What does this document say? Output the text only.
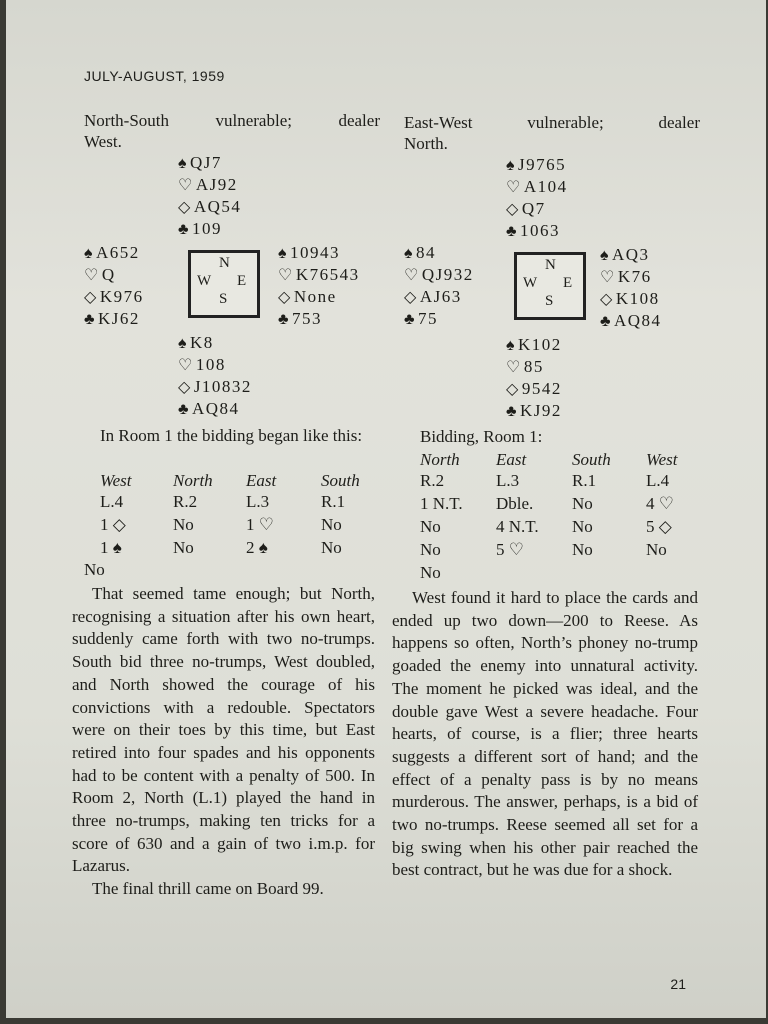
JULY-AUGUST, 1959
North-South vulnerable; dealer
West.
♠ QJ7
♡ AJ92
◇ AQ54
♣ 109
♠ A652
♡ Q
◇ K976
♣ KJ62
N
W E
S
♠ 10943
♡ K76543
◇ None
♣ 753
♠ K8
♡ 108
◇ J10832
♣ AQ84
In Room 1 the bidding began like this:
West	North	East	South
L.4	R.2	L.3	R.1
1 ◇	No	1 ♡	No
1 ♠	No	2 ♠	No
No

That seemed tame enough; but North, recognising a situation after his own heart, suddenly came forth with two no-trumps. South bid three no-trumps, West doubled, and North showed the courage of his convictions with a redouble. Spectators were on their toes by this time, but East retired into four spades and his opponents had to be content with a penalty of 500. In Room 2, North (L.1) played the hand in three no-trumps, making ten tricks for a score of 630 and a gain of two i.m.p. for Lazarus.

The final thrill came on Board 99.

East-West vulnerable; dealer
North.
♠ J9765
♡ A104
◇ Q7
♣ 1063
♠ 84
♡ QJ932
◇ AJ63
♣ 75
N
W E
S
♠ AQ3
♡ K76
◇ K108
♣ AQ84
♠ K102
♡ 85
◇ 9542
♣ KJ92
Bidding, Room 1:
North	East	South	West
R.2	L.3	R.1	L.4
1 N.T.	Dble.	No	4 ♡
No	4 N.T.	No	5 ◇
No	5 ♡	No	No
No			

West found it hard to place the cards and ended up two down—200 to Reese. As happens so often, North’s phoney no-trump goaded the enemy into unnatural activity. The moment he picked was ideal, and the double gave West a severe headache. Four hearts, of course, is a flier; three hearts suggests a different sort of hand; and the effect of a penalty pass is by no means murderous. The answer, perhaps, is a bid of two no-trumps. Reese seemed all set for a big swing when his other pair reached the best contract, but he was due for a shock.

21
